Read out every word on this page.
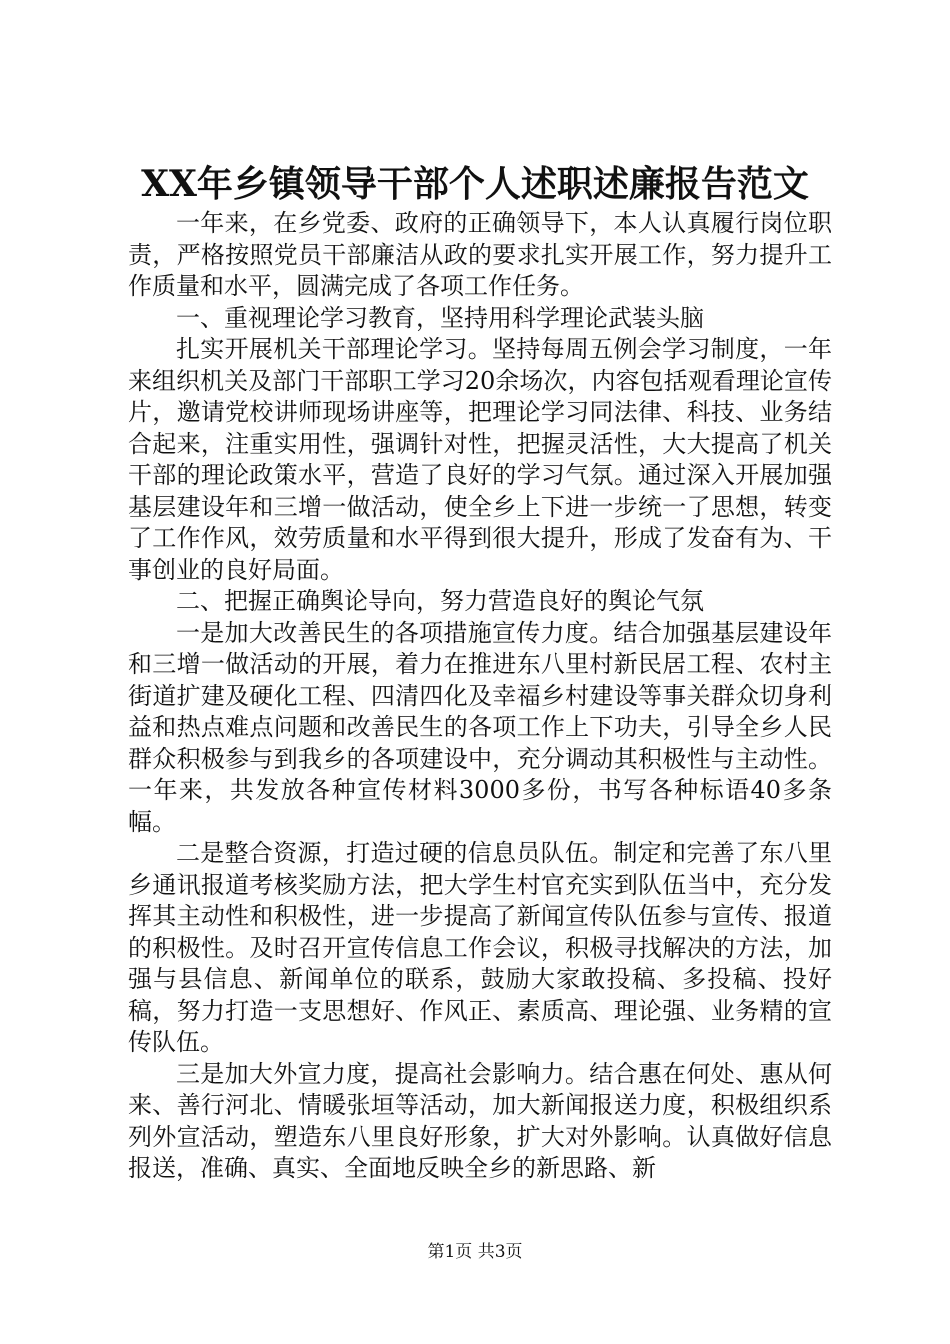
XX年乡镇领导干部个人述职述廉报告范文

一年来，在乡党委、政府的正确领导下，本人认真履行岗位职责，严格按照党员干部廉洁从政的要求扎实开展工作，努力提升工作质量和水平，圆满完成了各项工作任务。

一、重视理论学习教育，坚持用科学理论武装头脑

扎实开展机关干部理论学习。坚持每周五例会学习制度，一年来组织机关及部门干部职工学习20余场次，内容包括观看理论宣传片，邀请党校讲师现场讲座等，把理论学习同法律、科技、业务结合起来，注重实用性，强调针对性，把握灵活性，大大提高了机关干部的理论政策水平，营造了良好的学习气氛。通过深入开展加强基层建设年和三增一做活动，使全乡上下进一步统一了思想，转变了工作作风，效劳质量和水平得到很大提升，形成了发奋有为、干事创业的良好局面。

二、把握正确舆论导向，努力营造良好的舆论气氛

一是加大改善民生的各项措施宣传力度。结合加强基层建设年和三增一做活动的开展，着力在推进东八里村新民居工程、农村主街道扩建及硬化工程、四清四化及幸福乡村建设等事关群众切身利益和热点难点问题和改善民生的各项工作上下功夫，引导全乡人民群众积极参与到我乡的各项建设中，充分调动其积极性与主动性。一年来，共发放各种宣传材料3000多份，书写各种标语40多条幅。

二是整合资源，打造过硬的信息员队伍。制定和完善了东八里乡通讯报道考核奖励方法，把大学生村官充实到队伍当中，充分发挥其主动性和积极性，进一步提高了新闻宣传队伍参与宣传、报道的积极性。及时召开宣传信息工作会议，积极寻找解决的方法，加强与县信息、新闻单位的联系，鼓励大家敢投稿、多投稿、投好稿，努力打造一支思想好、作风正、素质高、理论强、业务精的宣传队伍。

三是加大外宣力度，提高社会影响力。结合惠在何处、惠从何来、善行河北、情暖张垣等活动，加大新闻报送力度，积极组织系列外宣活动，塑造东八里良好形象，扩大对外影响。认真做好信息报送，准确、真实、全面地反映全乡的新思路、新

第1页 共3页
